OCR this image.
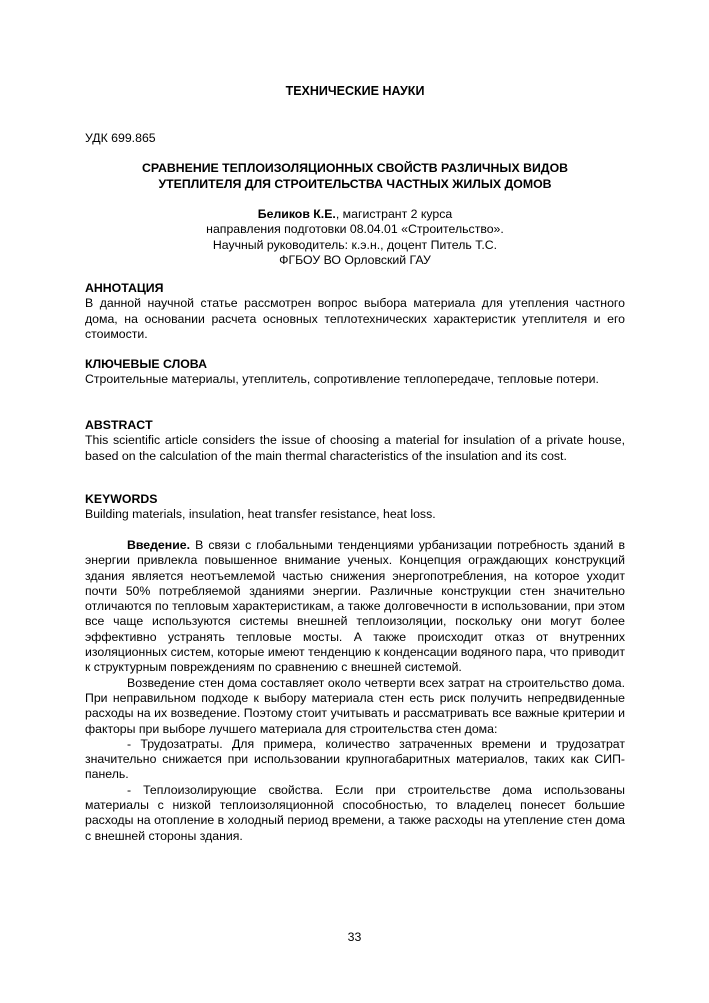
ТЕХНИЧЕСКИЕ НАУКИ
УДК 699.865
СРАВНЕНИЕ ТЕПЛОИЗОЛЯЦИОННЫХ СВОЙСТВ РАЗЛИЧНЫХ ВИДОВ
УТЕПЛИТЕЛЯ ДЛЯ СТРОИТЕЛЬСТВА ЧАСТНЫХ ЖИЛЫХ ДОМОВ
Беликов К.Е., магистрант 2 курса
направления подготовки 08.04.01 «Строительство».
Научный руководитель: к.э.н., доцент Питель Т.С.
ФГБОУ ВО Орловский ГАУ
АННОТАЦИЯ
В данной научной статье рассмотрен вопрос выбора материала для утепления частного дома, на основании расчета основных теплотехнических характеристик утеплителя и его стоимости.
КЛЮЧЕВЫЕ СЛОВА
Строительные материалы, утеплитель, сопротивление теплопередаче, тепловые потери.
ABSTRACT
This scientific article considers the issue of choosing a material for insulation of a private house, based on the calculation of the main thermal characteristics of the insulation and its cost.
KEYWORDS
Building materials, insulation, heat transfer resistance, heat loss.

Введение. В связи с глобальными тенденциями урбанизации потребность зданий в энергии привлекла повышенное внимание ученых. Концепция ограждающих конструкций здания является неотъемлемой частью снижения энергопотребления, на которое уходит почти 50% потребляемой зданиями энергии. Различные конструкции стен значительно отличаются по тепловым характеристикам, а также долговечности в использовании, при этом все чаще используются системы внешней теплоизоляции, поскольку они могут более эффективно устранять тепловые мосты. А также происходит отказ от внутренних изоляционных систем, которые имеют тенденцию к конденсации водяного пара, что приводит к структурным повреждениям по сравнению с внешней системой.

Возведение стен дома составляет около четверти всех затрат на строительство дома. При неправильном подходе к выбору материала стен есть риск получить непредвиденные расходы на их возведение. Поэтому стоит учитывать и рассматривать все важные критерии и факторы при выборе лучшего материала для строительства стен дома:

- Трудозатраты. Для примера, количество затраченных времени и трудозатрат значительно снижается при использовании крупногабаритных материалов, таких как СИП-панель.

- Теплоизолирующие свойства. Если при строительстве дома использованы материалы с низкой теплоизоляционной способностью, то владелец понесет большие расходы на отопление в холодный период времени, а также расходы на утепление стен дома с внешней стороны здания.

33
